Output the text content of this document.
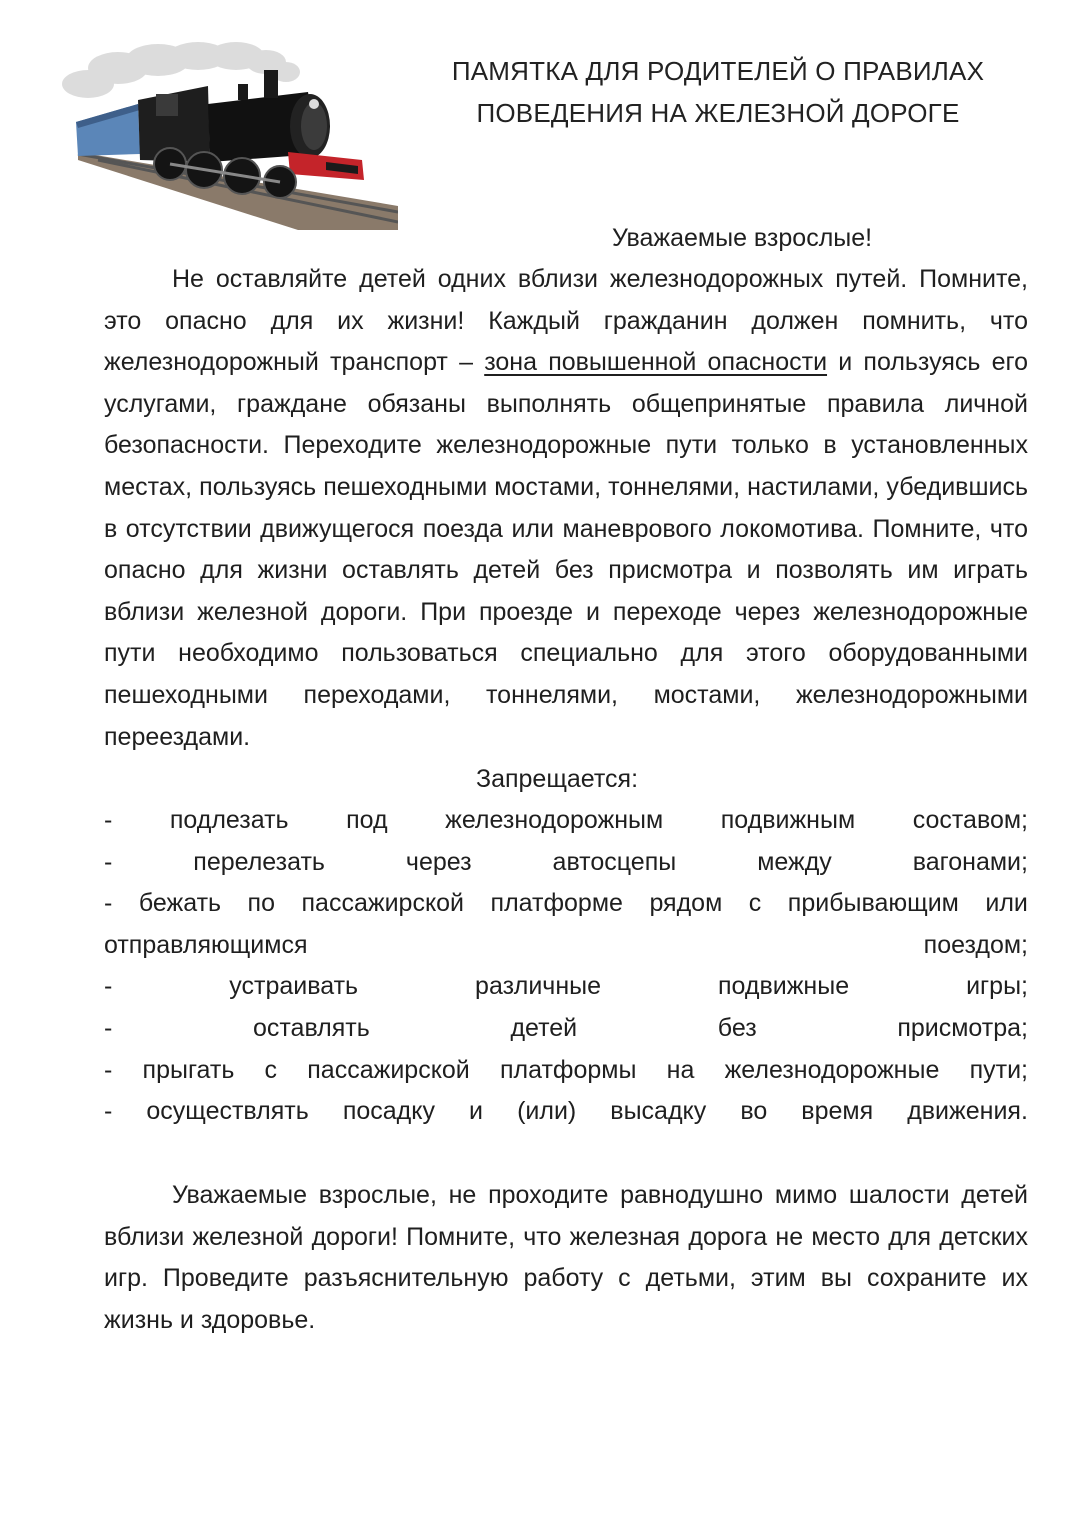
ПАМЯТКА ДЛЯ РОДИТЕЛЕЙ О ПРАВИЛАХ
ПОВЕДЕНИЯ НА ЖЕЛЕЗНОЙ ДОРОГЕ
Уважаемые взрослые!
Не оставляйте детей одних вблизи железнодорожных путей. Помните, это опасно для их жизни! Каждый гражданин должен помнить, что железнодорожный транспорт – зона повышенной опасности и пользуясь его услугами, граждане обязаны выполнять общепринятые правила личной безопасности. Переходите железнодорожные пути только в установленных местах, пользуясь пешеходными мостами, тоннелями, настилами, убедившись в отсутствии движущегося поезда или маневрового локомотива. Помните, что опасно для жизни оставлять детей без присмотра и позволять им играть вблизи железной дороги. При проезде и переходе через железнодорожные пути необходимо пользоваться специально для этого оборудованными пешеходными переходами, тоннелями, мостами, железнодорожными переездами.
Запрещается:
- подлезать под железнодорожным подвижным составом;
-	перелезать	через	автосцепы	между	вагонами;
- бежать по пассажирской платформе рядом с прибывающим или
отправляющимся	поездом;
-	устраивать	различные	подвижные	игры;
-	оставлять	детей	без	присмотра;
- прыгать с пассажирской платформы на железнодорожные пути;
- осуществлять посадку и (или) высадку во время движения.
Уважаемые взрослые, не проходите равнодушно мимо шалости детей вблизи железной дороги! Помните, что железная дорога не место для детских игр. Проведите разъяснительную работу с детьми, этим вы сохраните их жизнь и здоровье.
